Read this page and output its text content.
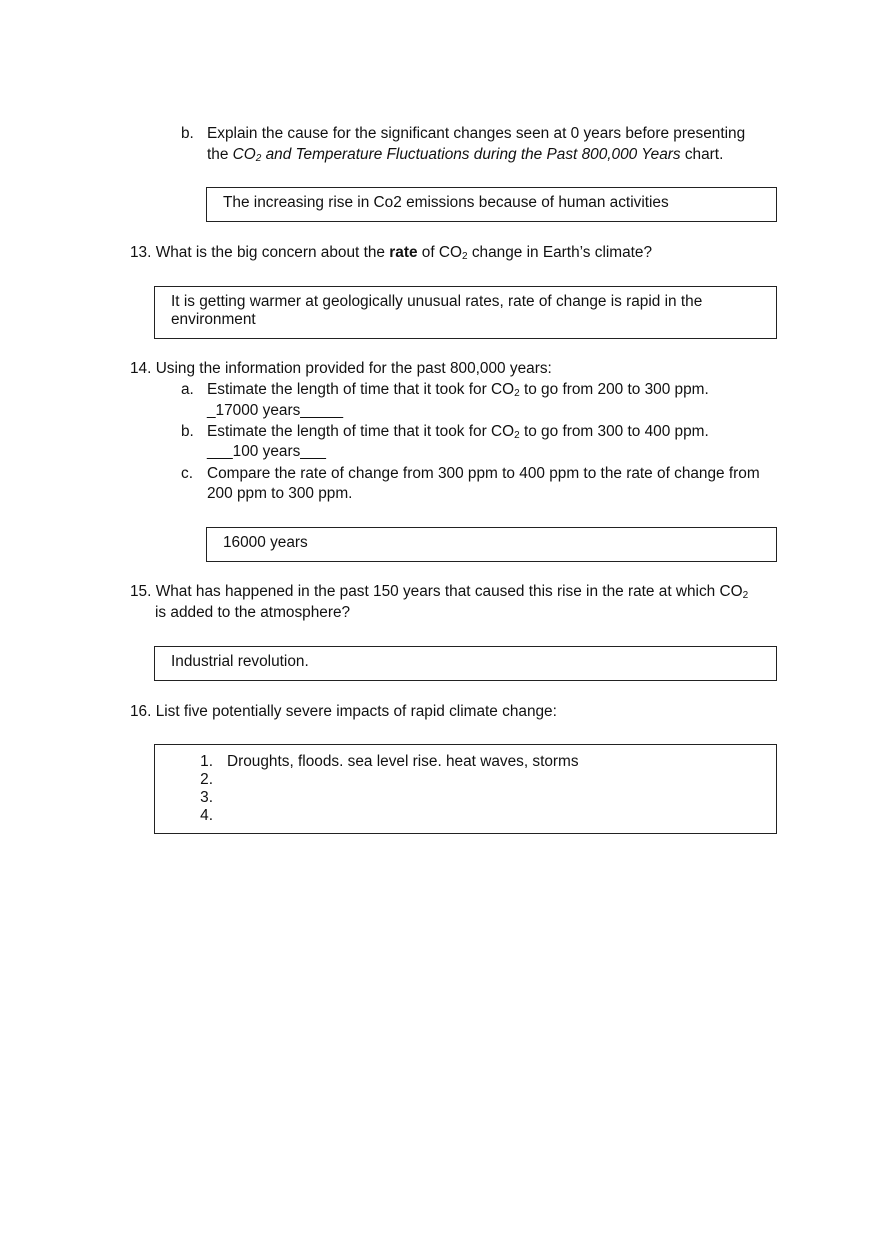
b. Explain the cause for the significant changes seen at 0 years before presenting
the $CO_2$ and Temperature Fluctuations during the Past 800,000 Years chart.
The increasing rise in Co2 emissions because of human activities
13. What is the big concern about the rate of $CO_2$ change in Earth’s climate?
It is getting warmer at geologically unusual rates, rate of change is rapid in the environment
14. Using the information provided for the past 800,000 years:
a. Estimate the length of time that it took for $CO_2$ to go from 200 to 300 ppm.
_17000 years_____
b. Estimate the length of time that it took for $CO_2$ to go from 300 to 400 ppm.
___100 years___
c. Compare the rate of change from 300 ppm to 400 ppm to the rate of change from
200 ppm to 300 ppm.
16000 years
15. What has happened in the past 150 years that caused this rise in the rate at which $CO_2$
is added to the atmosphere?
Industrial revolution.
16. List five potentially severe impacts of rapid climate change:
1. Droughts, floods. sea level rise. heat waves, storms
2.
3.
4.
